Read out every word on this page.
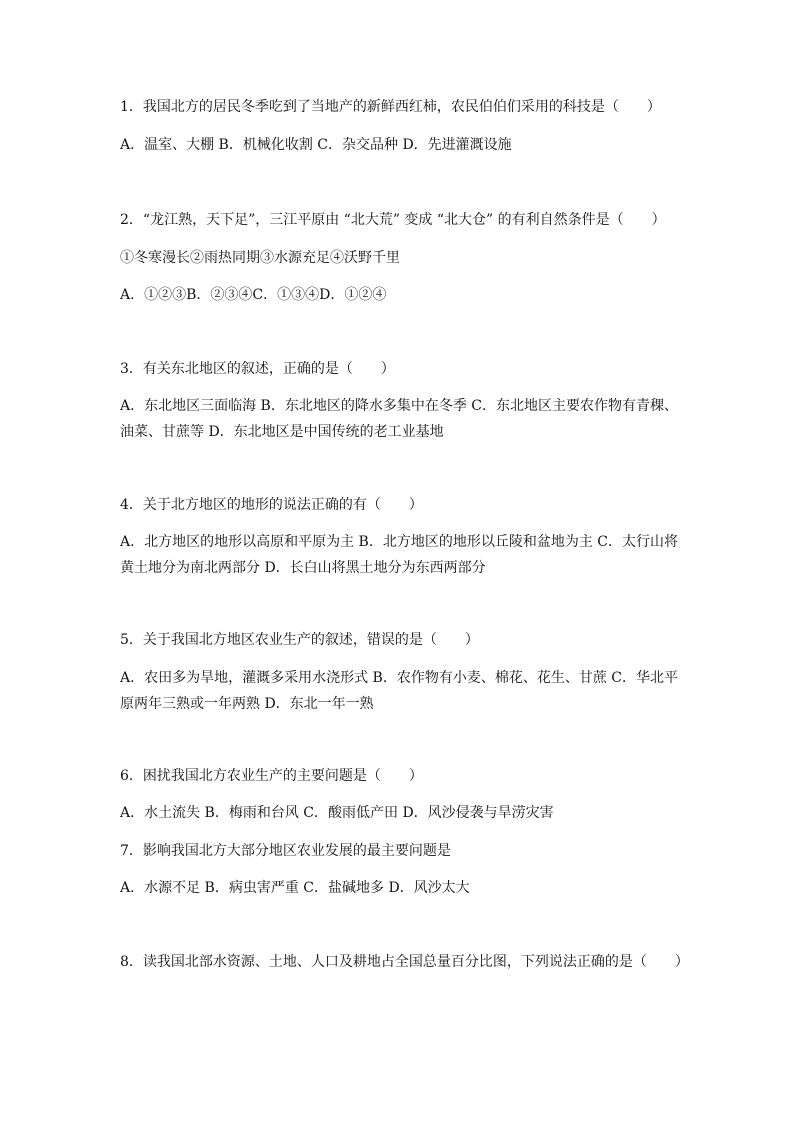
1．我国北方的居民冬季吃到了当地产的新鲜西红柿，农民伯伯们采用的科技是（　　）
A．温室、大棚 B．机械化收割 C．杂交品种 D．先进灌溉设施
2．“龙江熟，天下足”，三江平原由 “北大荒” 变成 “北大仓” 的有利自然条件是（　　）
①冬寒漫长②雨热同期③水源充足④沃野千里
A．①②③B．②③④C．①③④D．①②④
3．有关东北地区的叙述，正确的是（　　）
A．东北地区三面临海 B．东北地区的降水多集中在冬季 C．东北地区主要农作物有青稞、
油菜、甘蔗等 D．东北地区是中国传统的老工业基地
4．关于北方地区的地形的说法正确的有（　　）
A．北方地区的地形以高原和平原为主 B．北方地区的地形以丘陵和盆地为主 C．太行山将
黄土地分为南北两部分 D．长白山将黑土地分为东西两部分
5．关于我国北方地区农业生产的叙述，错误的是（　　）
A．农田多为旱地，灌溉多采用水浇形式 B．农作物有小麦、棉花、花生、甘蔗 C．华北平
原两年三熟或一年两熟 D．东北一年一熟
6．困扰我国北方农业生产的主要问题是（　　）
A．水土流失 B．梅雨和台风 C．酸雨低产田 D．风沙侵袭与旱涝灾害
7．影响我国北方大部分地区农业发展的最主要问题是
A．水源不足 B．病虫害严重 C．盐碱地多 D．风沙太大
8．读我国北部水资源、土地、人口及耕地占全国总量百分比图，下列说法正确的是（　　）
